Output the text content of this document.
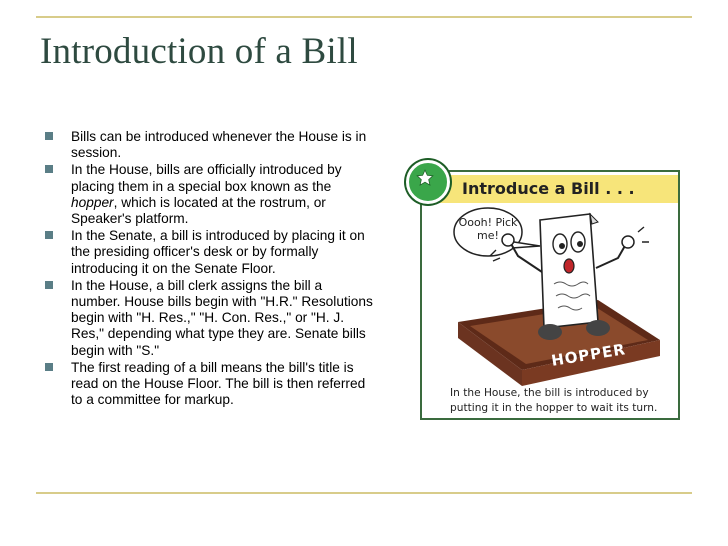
Introduction of a Bill
Bills can be introduced whenever the House is in session.
In the House, bills are officially introduced by placing them in a special box known as the hopper, which is located at the rostrum, or Speaker's platform.
In the Senate, a bill is introduced by placing it on the presiding officer's desk or by formally introducing it on the Senate Floor.
In the House, a bill clerk assigns the bill a number. House bills begin with "H.R." Resolutions begin with "H. Res.," "H. Con. Res.," or "H. J. Res," depending what type they are. Senate bills begin with "S."
The first reading of a bill means the bill's title is read on the House Floor. The bill is then referred to a committee for markup.
Introduce a Bill . . .
Oooh! Pick me!
HOPPER
In the House, the bill is introduced by putting it in the hopper to wait its turn.
